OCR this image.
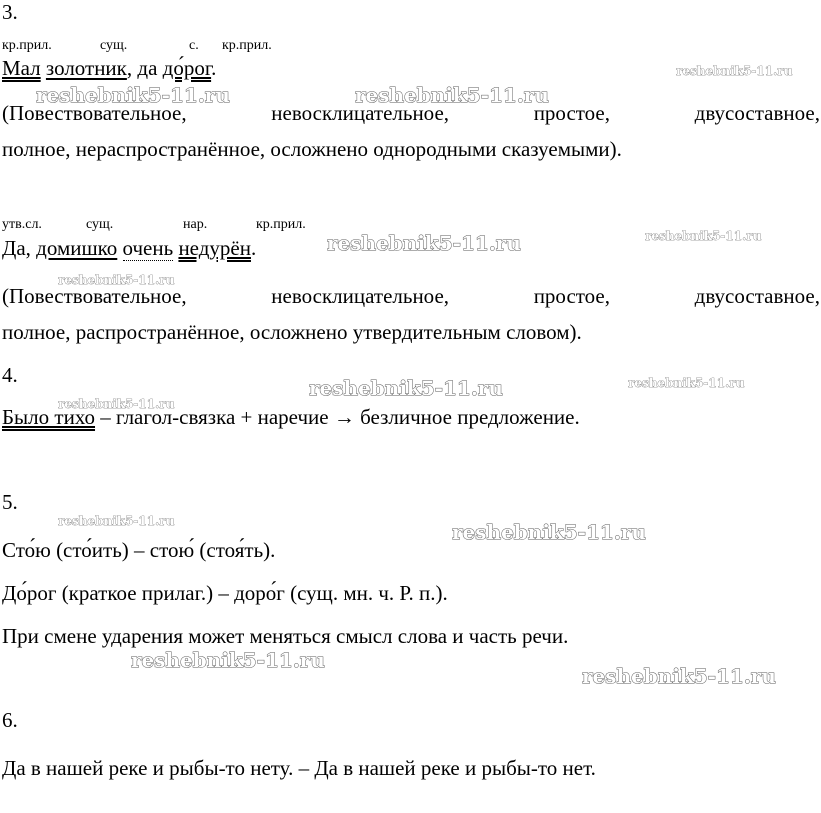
3.
кр.прил.	сущ.	с. кр.прил.
Мал золотник, да до́рог.
(Повествовательное,	невосклицательное,	простое,	двусоставное,
полное, нераспространённое, осложнено однородными сказуемыми).
утв.сл.	сущ.	нар.	кр.прил.
Да, домишко очень недурён.
(Повествовательное,	невосклицательное,	простое,	двусоставное,
полное, распространённое, осложнено утвердительным словом).
4.
Было тихо – глагол-связка + наречие → безличное предложение.
5.
Сто́ю (сто́ить) – стою́ (стоя́ть).
До́рог (краткое прилаг.) – доро́г (сущ. мн. ч. Р. п.).
При смене ударения может меняться смысл слова и часть речи.
6.
Да в нашей реке и рыбы-то нету. – Да в нашей реке и рыбы-то нет.
reshebnik5-11.ru
reshebnik5-11.ru	reshebnik5-11.ru
reshebnik5-11.ru	reshebnik5-11.ru
reshebnik5-11.ru
reshebnik5-11.ru	reshebnik5-11.ru
reshebnik5-11.ru
reshebnik5-11.ru	reshebnik5-11.ru
reshebnik5-11.ru
reshebnik5-11.ru
